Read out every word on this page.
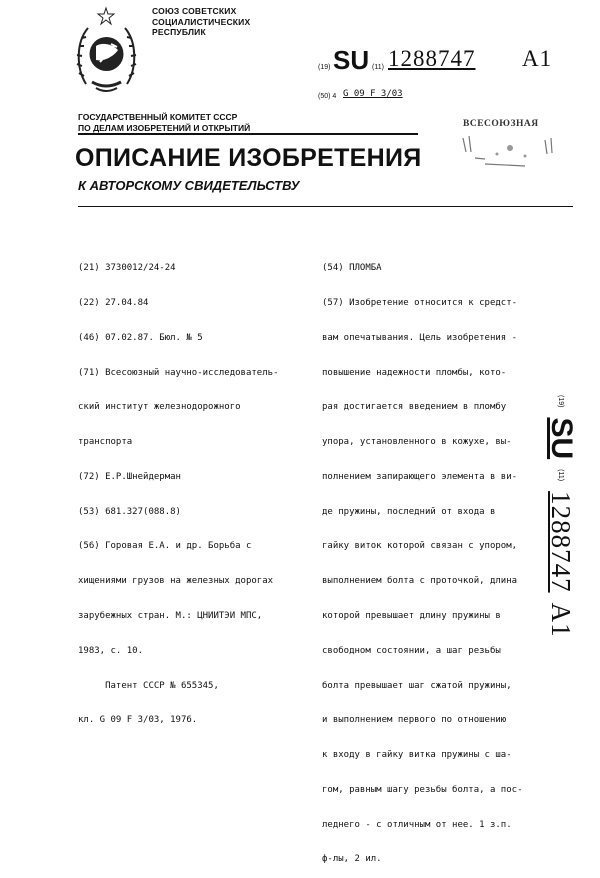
СОЮЗ СОВЕТСКИХ
СОЦИАЛИСТИЧЕСКИХ
РЕСПУБЛИК
(19) SU (11) 1288747 A1
(50) 4 G 09 F 3/03
ГОСУДАРСТВЕННЫЙ КОМИТЕТ СССР
ПО ДЕЛАМ ИЗОБРЕТЕНИЙ И ОТКРЫТИЙ	ВСЕСОЮЗНАЯ
ОПИСАНИЕ ИЗОБРЕТЕНИЯ
К АВТОРСКОМУ СВИДЕТЕЛЬСТВУ

(21) 3730012/24-24

(22) 27.04.84

(46) 07.02.87. Бюл. № 5

(71) Всесоюзный научно-исследователь-

ский институт железнодорожного

транспорта

(72) Е.Р.Шнейдерман

(53) 681.327(088.8)

(56) Горовая Е.А. и др. Борьба с

хищениями грузов на железных дорогах

зарубежных стран. М.: ЦНИИТЭИ МПС,

1983, с. 10.

Патент СССР № 655345,

кл. G 09 F 3/03, 1976.

(54) ПЛОМБА

(57) Изобретение относится к средст-

вам опечатывания. Цель изобретения -

повышение надежности пломбы, кото-

рая достигается введением в пломбу

упора, установленного в кожухе, вы-

полнением запирающего элемента в ви-

де пружины, последний от входа в

гайку виток которой связан с упором,

выполнением болта с проточкой, длина

которой превышает длину пружины в

свободном состоянии, а шаг резьбы

болта превышает шаг сжатой пружины,

и выполнением первого по отношению

к входу в гайку витка пружины с ша-

гом, равным шагу резьбы болта, а пос-

леднего - с отличным от нее. 1 з.п.

ф-лы, 2 ил.

(19)
SU
(11)
1288747
A1
